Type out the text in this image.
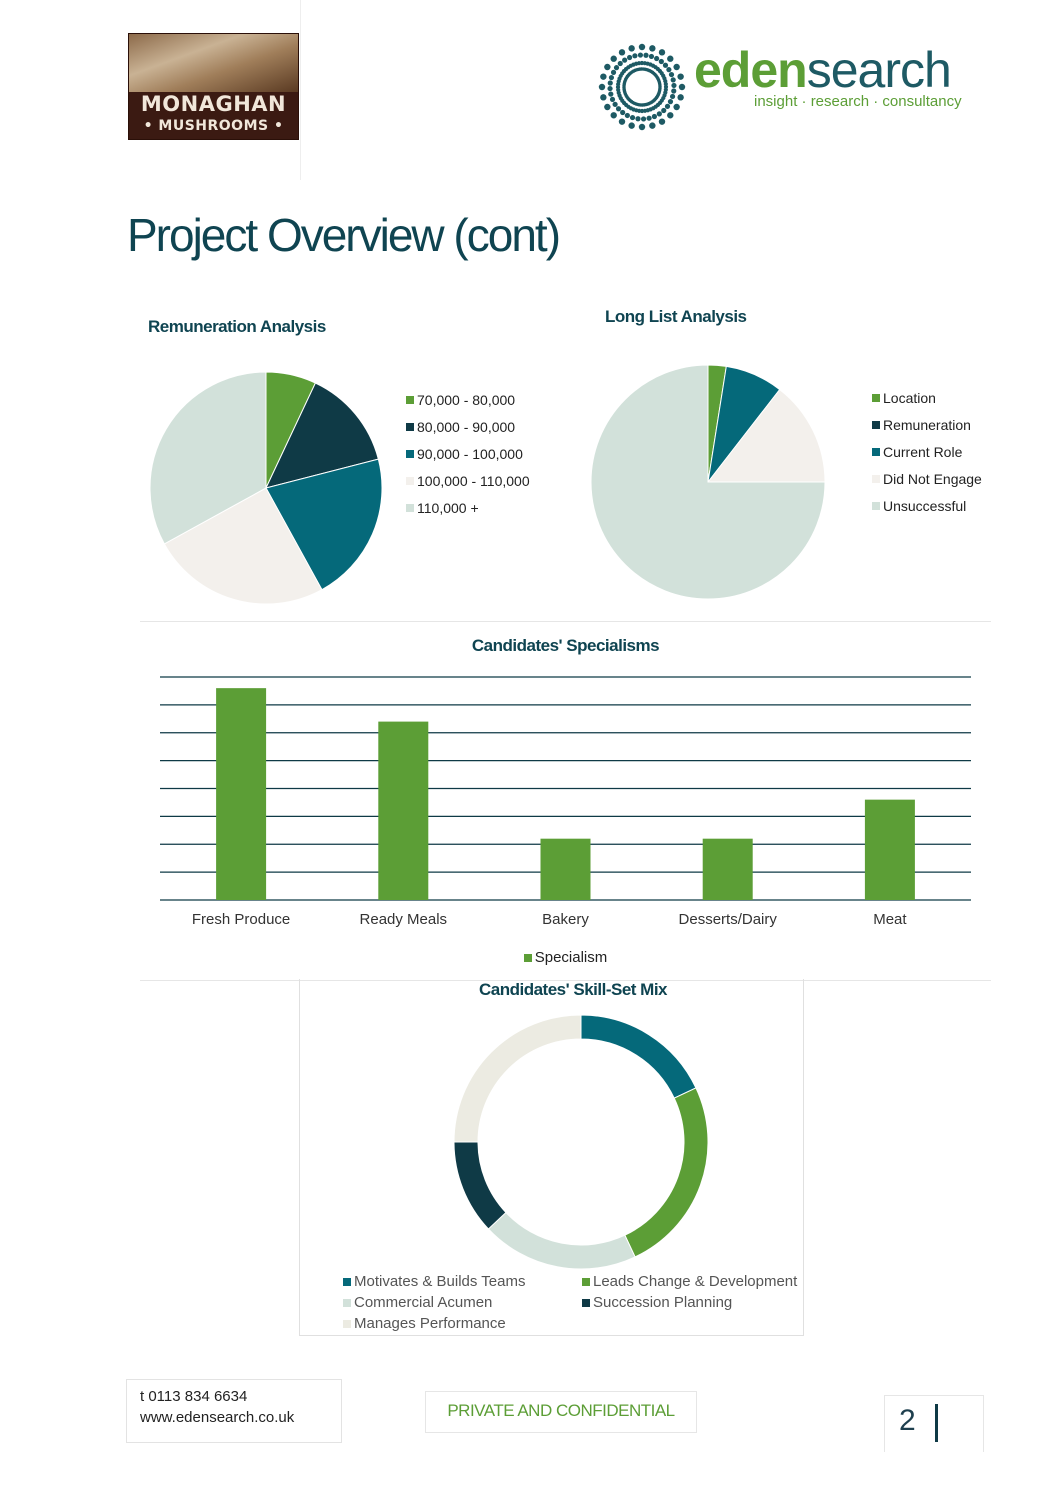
MONAGHAN
• MUSHROOMS •
edensearch
insight · research · consultancy
Project Overview (cont)
Remuneration Analysis
70,000 - 80,000
80,000 - 90,000
90,000 - 100,000
100,000 - 110,000
110,000 +
Long List Analysis
Location
Remuneration
Current Role
Did Not Engage
Unsuccessful
Candidates' Specialisms
Fresh Produce	Ready Meals	Bakery	Desserts/Dairy	Meat
Specialism
Candidates' Skill-Set Mix
Motivates & Builds Teams	Leads Change & Development
Commercial Acumen	Succession Planning
Manages Performance
t 0113 834 6634
www.edensearch.co.uk	PRIVATE AND CONFIDENTIAL	2
